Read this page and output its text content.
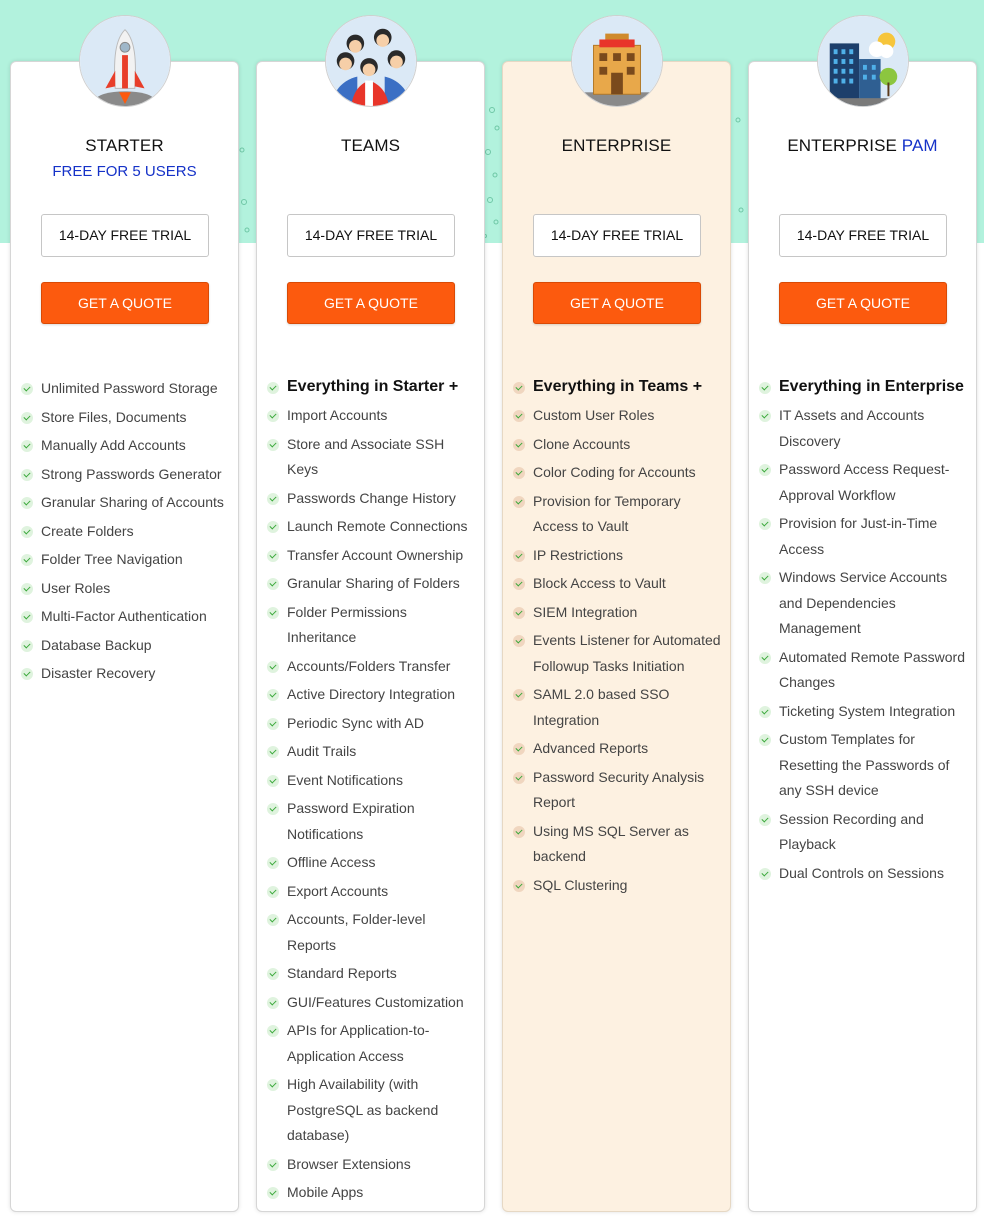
STARTER
FREE FOR 5 USERS
14-DAY FREE TRIAL
GET A QUOTE
Unlimited Password Storage
Store Files, Documents
Manually Add Accounts
Strong Passwords Generator
Granular Sharing of Accounts
Create Folders
Folder Tree Navigation
User Roles
Multi-Factor Authentication
Database Backup
Disaster Recovery
TEAMS
14-DAY FREE TRIAL
GET A QUOTE
Everything in Starter +
Import Accounts
Store and Associate SSH Keys
Passwords Change History
Launch Remote Connections
Transfer Account Ownership
Granular Sharing of Folders
Folder Permissions Inheritance
Accounts/Folders Transfer
Active Directory Integration
Periodic Sync with AD
Audit Trails
Event Notifications
Password Expiration Notifications
Offline Access
Export Accounts
Accounts, Folder-level Reports
Standard Reports
GUI/Features Customization
APIs for Application-to-Application Access
High Availability (with PostgreSQL as backend database)
Browser Extensions
Mobile Apps
ENTERPRISE
14-DAY FREE TRIAL
GET A QUOTE
Everything in Teams +
Custom User Roles
Clone Accounts
Color Coding for Accounts
Provision for Temporary Access to Vault
IP Restrictions
Block Access to Vault
SIEM Integration
Events Listener for Automated Followup Tasks Initiation
SAML 2.0 based SSO Integration
Advanced Reports
Password Security Analysis Report
Using MS SQL Server as backend
SQL Clustering
ENTERPRISE PAM
14-DAY FREE TRIAL
GET A QUOTE
Everything in Enterprise
IT Assets and Accounts Discovery
Password Access Request-Approval Workflow
Provision for Just-in-Time Access
Windows Service Accounts and Dependencies Management
Automated Remote Password Changes
Ticketing System Integration
Custom Templates for Resetting the Passwords of any SSH device
Session Recording and Playback
Dual Controls on Sessions
